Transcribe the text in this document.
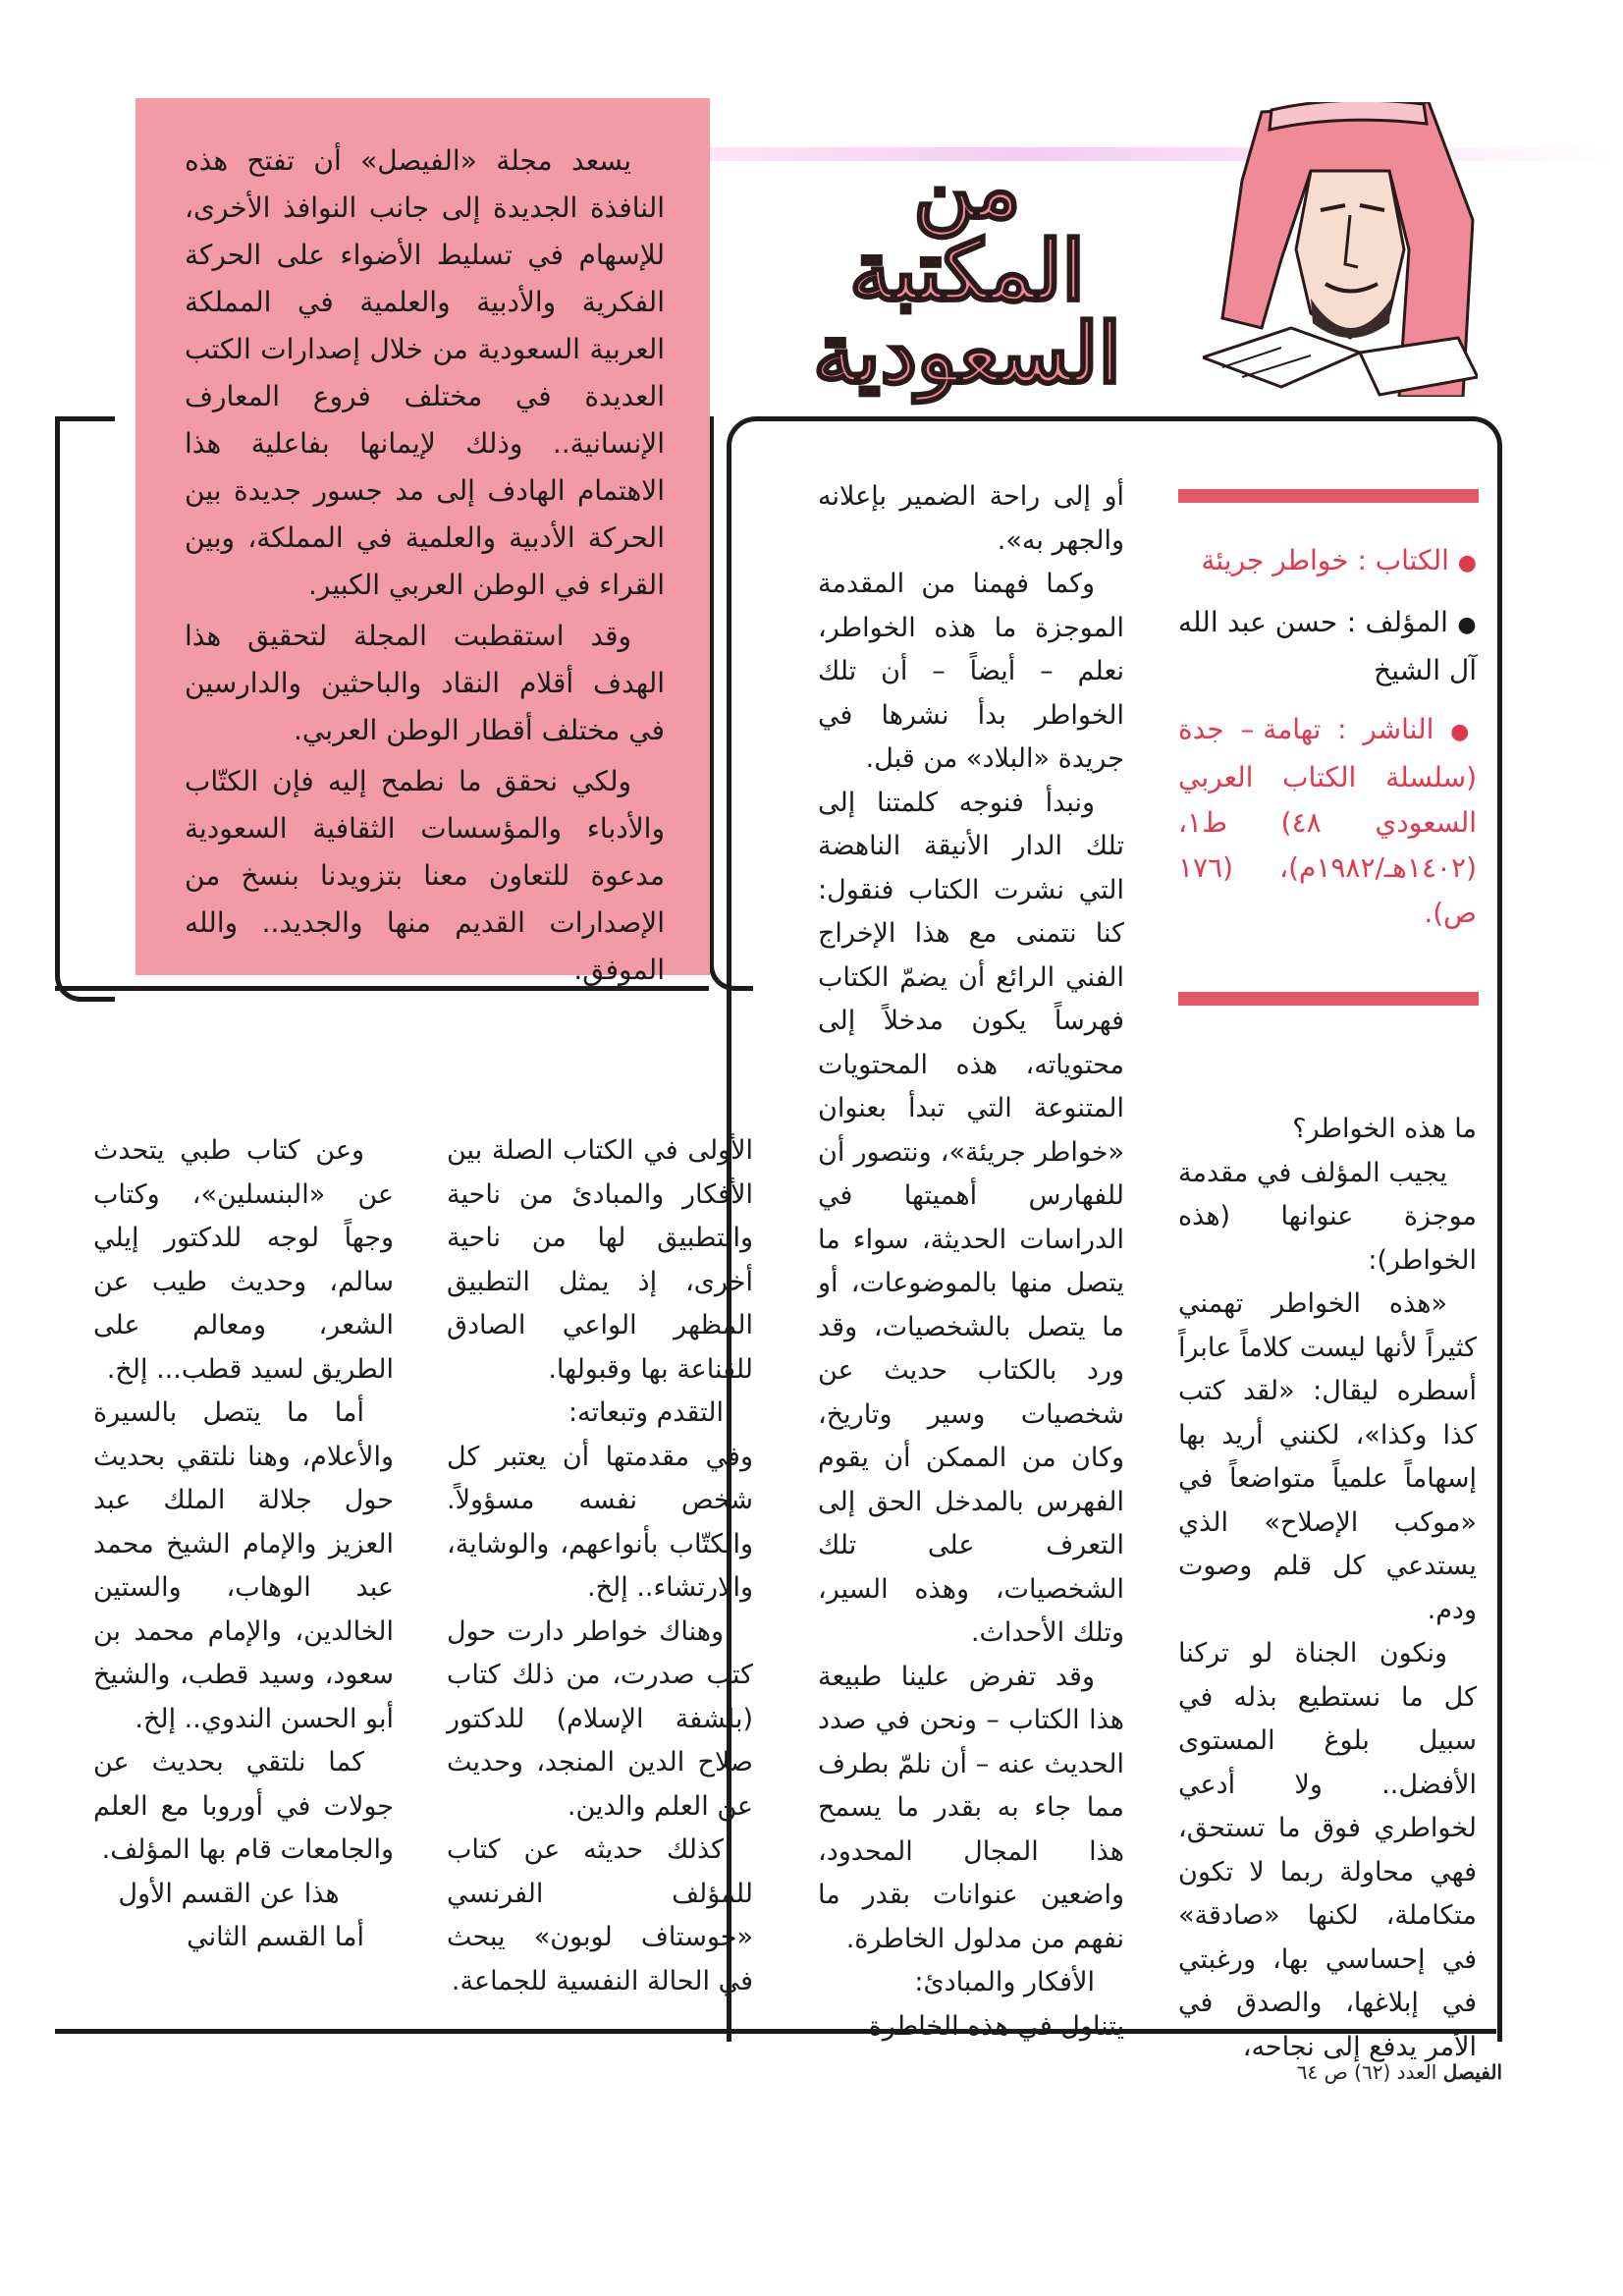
من
المكتبة
السعودية

يسعد مجلة «الفيصل» أن تفتح هذه النافذة الجديدة إلى جانب النوافذ الأخرى، للإسهام في تسليط الأضواء على الحركة الفكرية والأدبية والعلمية في المملكة العربية السعودية من خلال إصدارات الكتب العديدة في مختلف فروع المعارف الإنسانية.. وذلك لإيمانها بفاعلية هذا الاهتمام الهادف إلى مد جسور جديدة بين الحركة الأدبية والعلمية في المملكة، وبين القراء في الوطن العربي الكبير.

وقد استقطبت المجلة لتحقيق هذا الهدف أقلام النقاد والباحثين والدارسين في مختلف أقطار الوطن العربي.

ولكي نحقق ما نطمح إليه فإن الكتّاب والأدباء والمؤسسات الثقافية السعودية مدعوة للتعاون معنا بتزويدنا بنسخ من الإصدارات القديم منها والجديد.. والله الموفق.

● الكتاب : خواطر جريئة
● المؤلف : حسن عبد الله آل الشيخ
● الناشر : تهامة – جدة (سلسلة الكتاب العربي السعودي ٤٨) ط١، (١٤٠٢هـ/١٩٨٢م)، (١٧٦ ص).

ما هذه الخواطر؟

يجيب المؤلف في مقدمة موجزة عنوانها (هذه الخواطر):

«هذه الخواطر تهمني كثيراً لأنها ليست كلاماً عابراً أسطره ليقال: «لقد كتب كذا وكذا»، لكنني أريد بها إسهاماً علمياً متواضعاً في «موكب الإصلاح» الذي يستدعي كل قلم وصوت ودم.

ونكون الجناة لو تركنا كل ما نستطيع بذله في سبيل بلوغ المستوى الأفضل.. ولا أدعي لخواطري فوق ما تستحق، فهي محاولة ربما لا تكون متكاملة، لكنها «صادقة» في إحساسي بها، ورغبتي في إبلاغها، والصدق في الأمر يدفع إلى نجاحه،

أو إلى راحة الضمير بإعلانه والجهر به».

وكما فهمنا من المقدمة الموجزة ما هذه الخواطر، نعلم – أيضاً – أن تلك الخواطر بدأ نشرها في جريدة «البلاد» من قبل.

ونبدأ فنوجه كلمتنا إلى تلك الدار الأنيقة الناهضة التي نشرت الكتاب فنقول: كنا نتمنى مع هذا الإخراج الفني الرائع أن يضمّ الكتاب فهرساً يكون مدخلاً إلى محتوياته، هذه المحتويات المتنوعة التي تبدأ بعنوان «خواطر جريئة»، ونتصور أن للفهارس أهميتها في الدراسات الحديثة، سواء ما يتصل منها بالموضوعات، أو ما يتصل بالشخصيات، وقد ورد بالكتاب حديث عن شخصيات وسير وتاريخ، وكان من الممكن أن يقوم الفهرس بالمدخل الحق إلى التعرف على تلك الشخصيات، وهذه السير، وتلك الأحداث.

وقد تفرض علينا طبيعة هذا الكتاب – ونحن في صدد الحديث عنه – أن نلمّ بطرف مما جاء به بقدر ما يسمح هذا المجال المحدود، واضعين عنوانات بقدر ما نفهم من مدلول الخاطرة.

الأفكار والمبادئ:

يتناول في هذه الخاطرة

الأولى في الكتاب الصلة بين الأفكار والمبادئ من ناحية والتطبيق لها من ناحية أخرى، إذ يمثل التطبيق المظهر الواعي الصادق للقناعة بها وقبولها.

التقدم وتبعاته:

وفي مقدمتها أن يعتبر كل شخص نفسه مسؤولاً. والكتّاب بأنواعهم، والوشاية، والارتشاء.. إلخ.

وهناك خواطر دارت حول كتب صدرت، من ذلك كتاب (بلشفة الإسلام) للدكتور صلاح الدين المنجد، وحديث عن العلم والدين.

كذلك حديثه عن كتاب للمؤلف الفرنسي «جوستاف لوبون» يبحث في الحالة النفسية للجماعة.

وعن كتاب طبي يتحدث عن «البنسلين»، وكتاب وجهاً لوجه للدكتور إيلي سالم، وحديث طيب عن الشعر، ومعالم على الطريق لسيد قطب... إلخ.

أما ما يتصل بالسيرة والأعلام، وهنا نلتقي بحديث حول جلالة الملك عبد العزيز والإمام الشيخ محمد عبد الوهاب، والستين الخالدين، والإمام محمد بن سعود، وسيد قطب، والشيخ أبو الحسن الندوي.. إلخ.

كما نلتقي بحديث عن جولات في أوروبا مع العلم والجامعات قام بها المؤلف.

هذا عن القسم الأول

أما القسم الثاني

الفيصل العدد (٦٢) ص ٦٤
